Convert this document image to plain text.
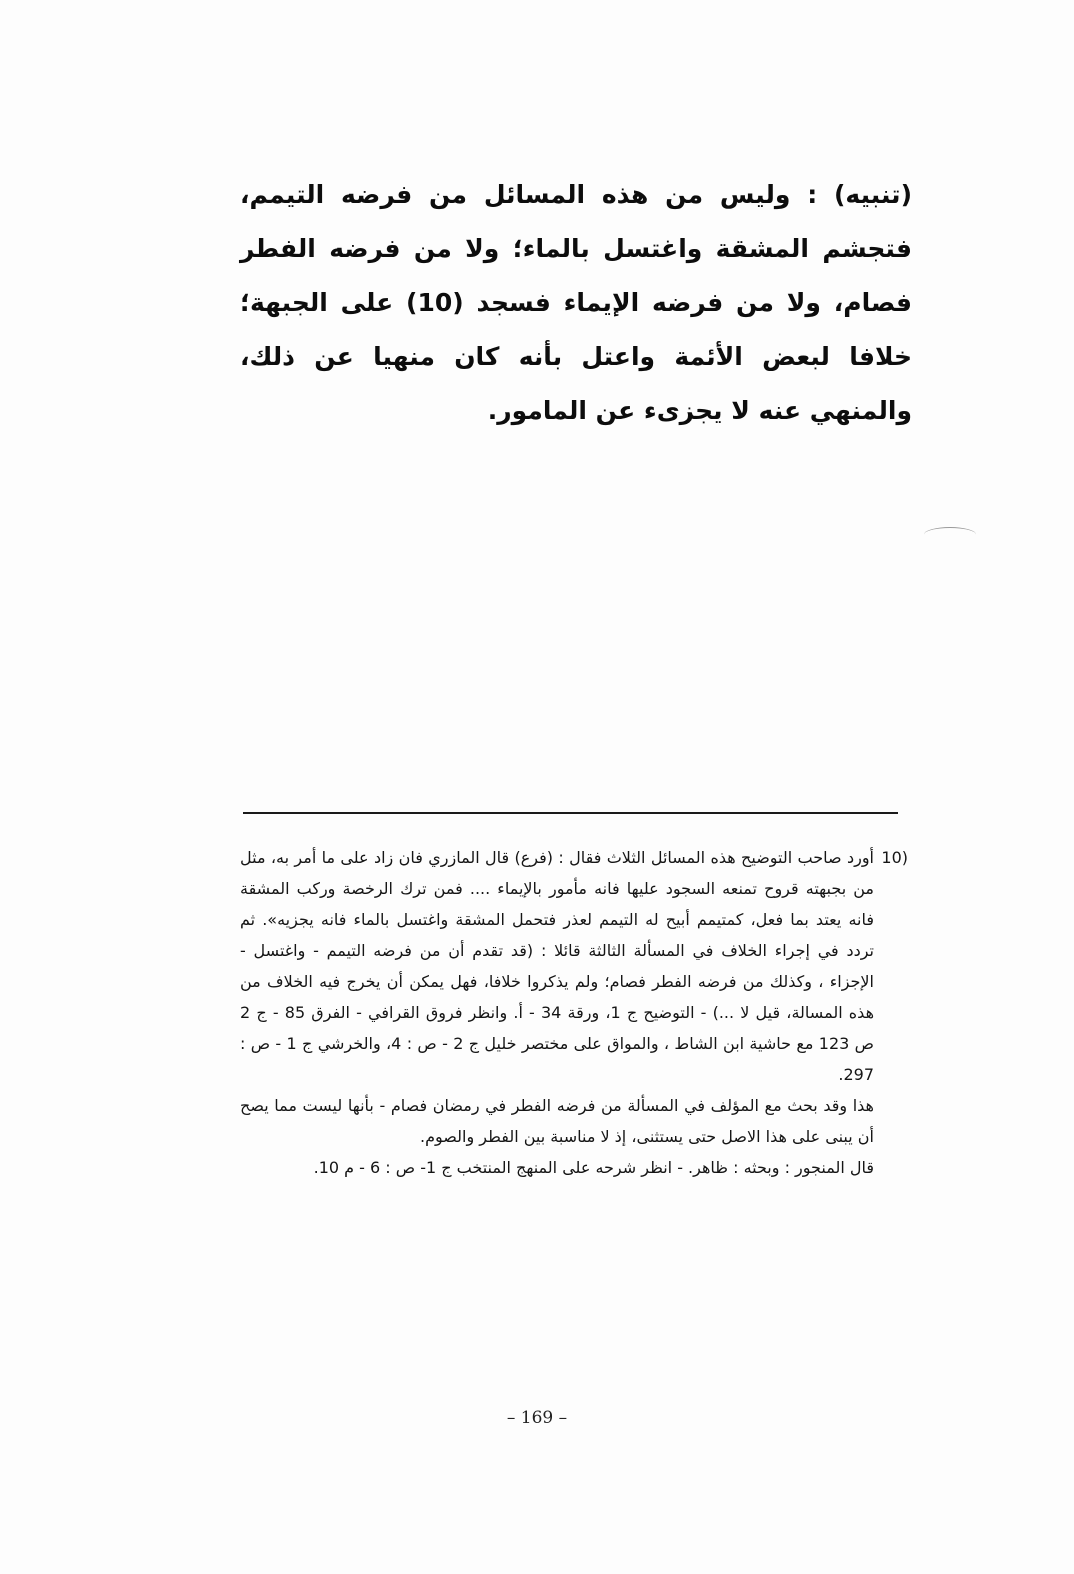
(تنبيه) : وليس من هذه المسائل من فرضه التيمم، فتجشم المشقة واغتسل بالماء؛ ولا من فرضه الفطر فصام، ولا من فرضه الإيماء فسجد (10) على الجبهة؛ خلافا لبعض الأئمة واعتل بأنه كان منهيا عن ذلك، والمنهي عنه لا يجزىء عن المامور.

10)
أورد صاحب التوضيح هذه المسائل الثلاث فقال : (فرع) قال المازري فان زاد على ما أمر به، مثل من بجبهته قروح تمنعه السجود عليها فانه مأمور بالإيماء .... فمن ترك الرخصة وركب المشقة فانه يعتد بما فعل، كمتيمم أبيح له التيمم لعذر فتحمل المشقة واغتسل بالماء فانه يجزيه». ثم تردد في إجراء الخلاف في المسألة الثالثة قائلا : (قد تقدم أن من فرضه التيمم - واغتسل - الإجزاء ، وكذلك من فرضه الفطر فصام؛ ولم يذكروا خلافا، فهل يمكن أن يخرج فيه الخلاف من هذه المسالة، قيل لا ...) - التوضيح ج 1، ورقة 34 - أ. وانظر فروق القرافي - الفرق 85 - ج 2 ص 123 مع حاشية ابن الشاط ، والمواق على مختصر خليل ج 2 - ص : 4، والخرشي ج 1 - ص : 297.

هذا وقد بحث مع المؤلف في المسألة من فرضه الفطر في رمضان فصام - بأنها ليست مما يصح أن يبنى على هذا الاصل حتى يستثنى، إذ لا مناسبة بين الفطر والصوم.

قال المنجور : وبحثه : ظاهر. - انظر شرحه على المنهج المنتخب ج 1- ص : 6 - م 10.

– 169 –
